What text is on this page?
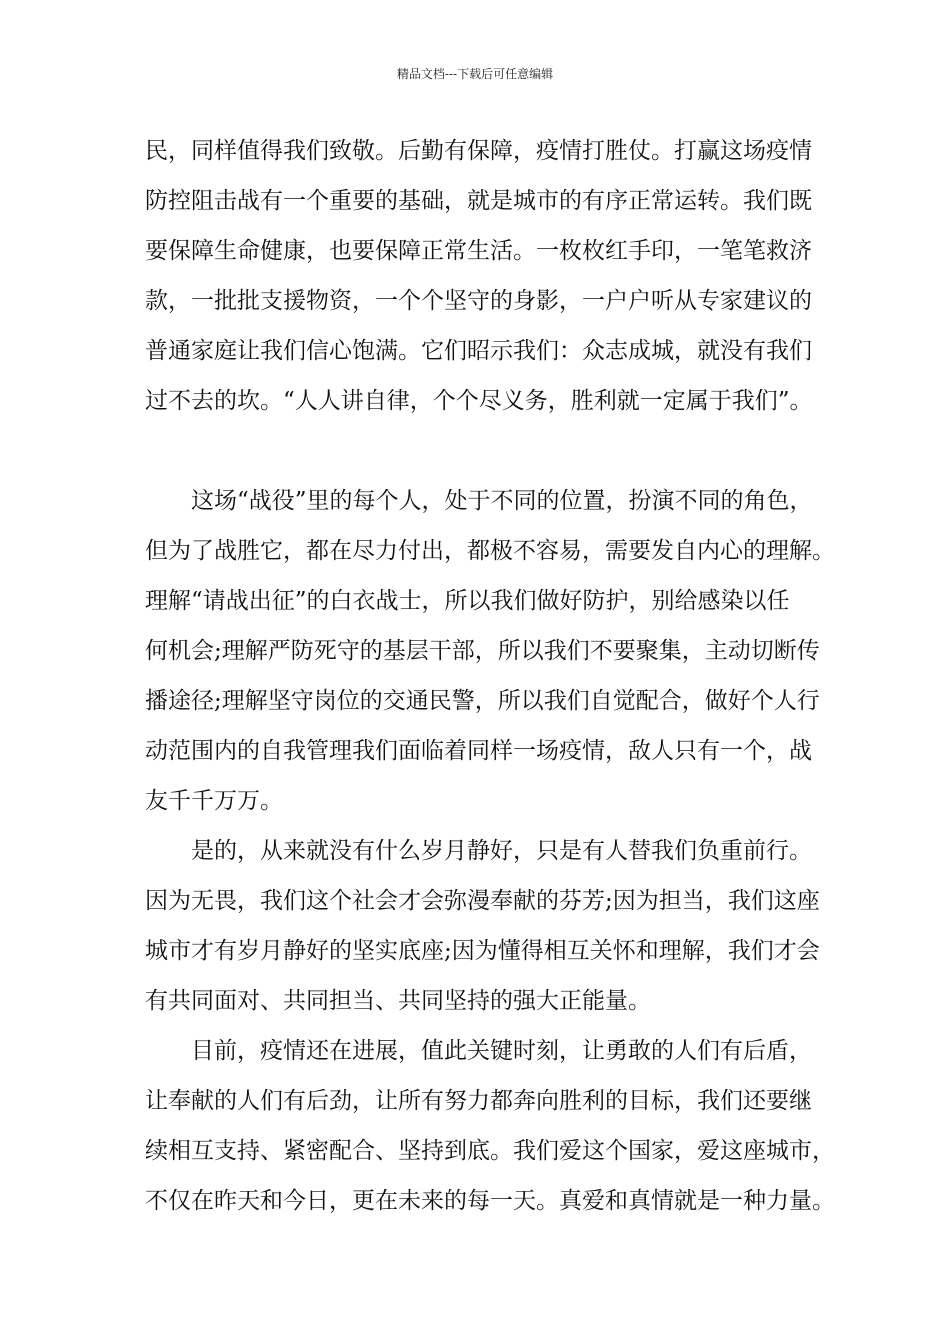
精品文档---下载后可任意编辑
民，同样值得我们致敬。后勤有保障，疫情打胜仗。打赢这场疫情
防控阻击战有一个重要的基础，就是城市的有序正常运转。我们既
要保障生命健康，也要保障正常生活。一枚枚红手印，一笔笔救济
款，一批批支援物资，一个个坚守的身影，一户户听从专家建议的
普通家庭让我们信心饱满。它们昭示我们：众志成城，就没有我们
过不去的坎。“人人讲自律，个个尽义务，胜利就一定属于我们”。
这场“战役”里的每个人，处于不同的位置，扮演不同的角色，
但为了战胜它，都在尽力付出，都极不容易，需要发自内心的理解。
理解“请战出征”的白衣战士，所以我们做好防护，别给感染以任
何机会;理解严防死守的基层干部，所以我们不要聚集，主动切断传
播途径;理解坚守岗位的交通民警，所以我们自觉配合，做好个人行
动范围内的自我管理我们面临着同样一场疫情，敌人只有一个，战
友千千万万。
是的，从来就没有什么岁月静好，只是有人替我们负重前行。
因为无畏，我们这个社会才会弥漫奉献的芬芳;因为担当，我们这座
城市才有岁月静好的坚实底座;因为懂得相互关怀和理解，我们才会
有共同面对、共同担当、共同坚持的强大正能量。
目前，疫情还在进展，值此关键时刻，让勇敢的人们有后盾，
让奉献的人们有后劲，让所有努力都奔向胜利的目标，我们还要继
续相互支持、紧密配合、坚持到底。我们爱这个国家，爱这座城市，
不仅在昨天和今日，更在未来的每一天。真爱和真情就是一种力量。
